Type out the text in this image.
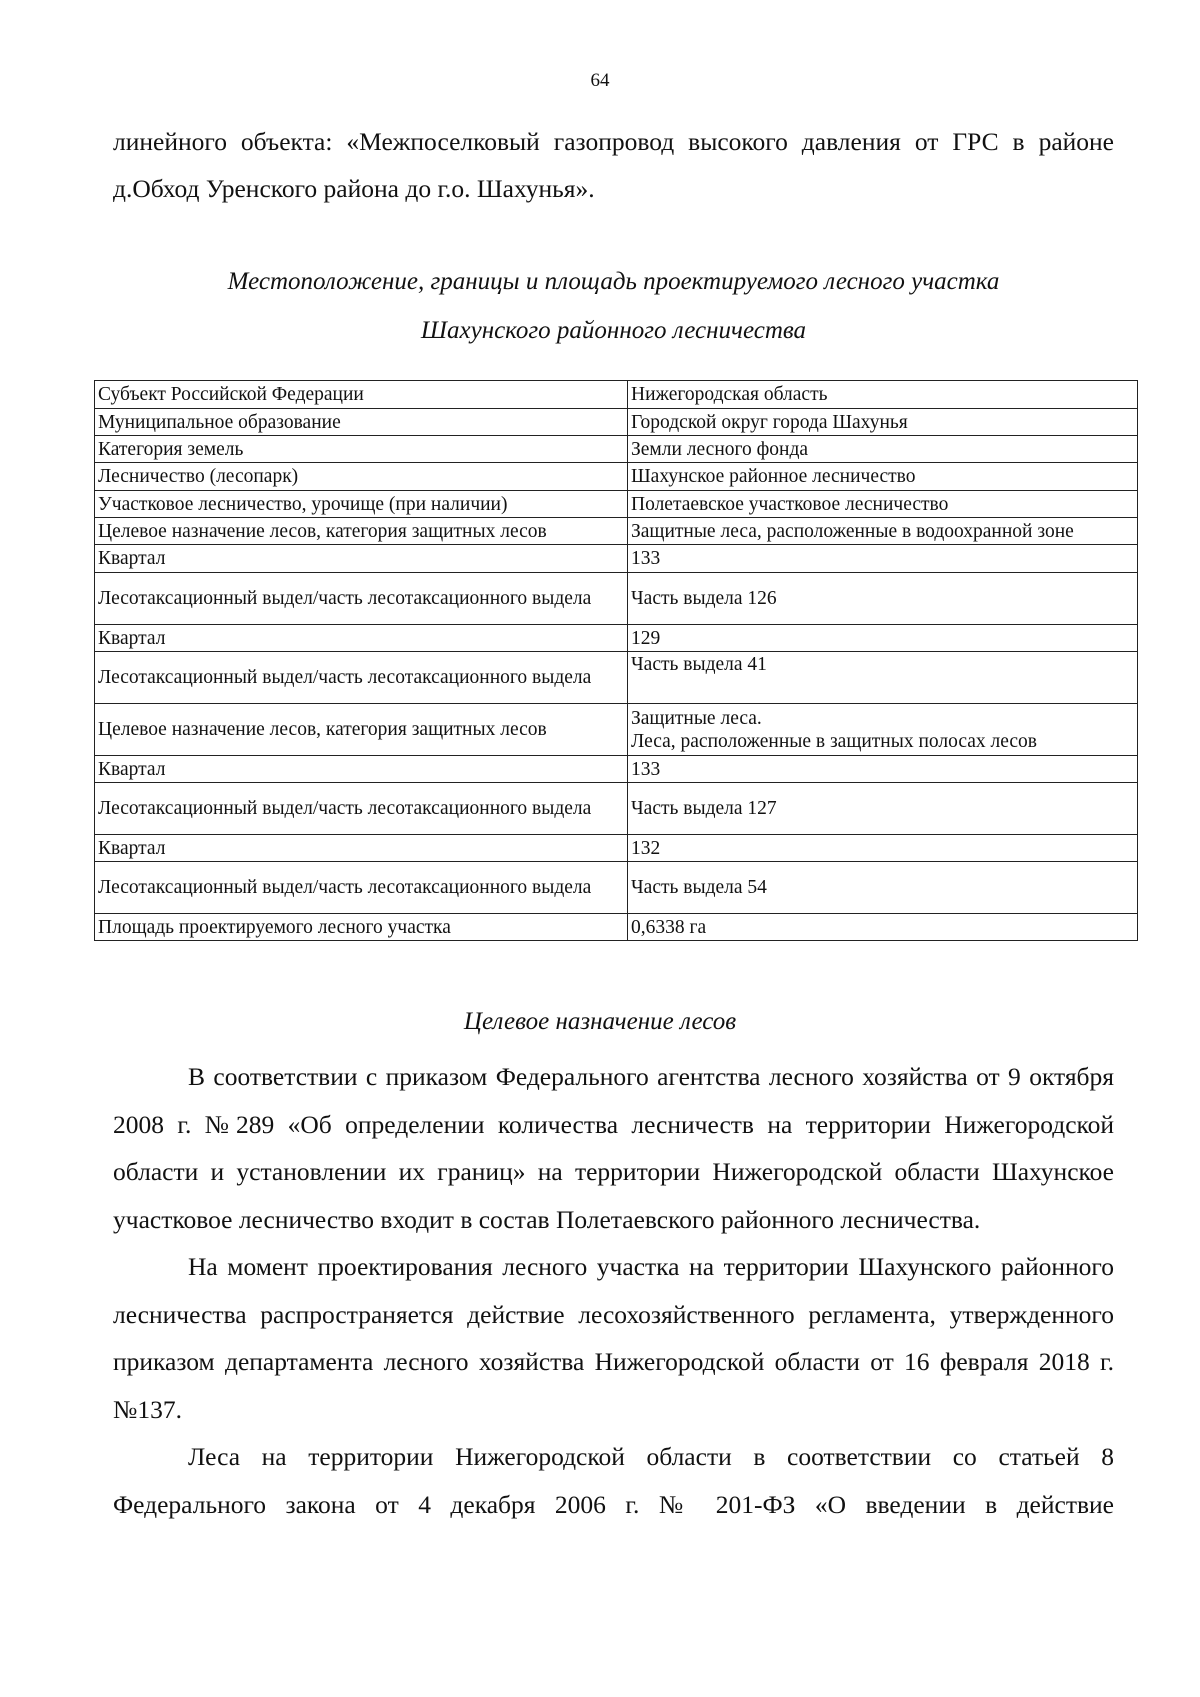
64

линейного объекта: «Межпоселковый газопровод высокого давления от ГРС в районе д.Обход Уренского района до г.о. Шахунья».

Местоположение, границы и площадь проектируемого лесного участка

Шахунского районного лесничества

Субъект Российской Федерации	Нижегородская область
Муниципальное образование	Городской округ города Шахунья
Категория земель	Земли лесного фонда
Лесничество (лесопарк)	Шахунское районное лесничество
Участковое лесничество, урочище (при наличии)	Полетаевское участковое лесничество
Целевое назначение лесов, категория защитных лесов	Защитные леса, расположенные в водоохранной зоне
Квартал	133
Лесотаксационный выдел/часть лесотаксационного выдела	Часть выдела 126
Квартал	129
Лесотаксационный выдел/часть лесотаксационного выдела	Часть выдела 41
Целевое назначение лесов, категория защитных лесов	Защитные леса.
Леса, расположенные в защитных полосах лесов

Квартал	133
Лесотаксационный выдел/часть лесотаксационного выдела	Часть выдела 127
Квартал	132
Лесотаксационный выдел/часть лесотаксационного выдела	Часть выдела 54
Площадь проектируемого лесного участка	0,6338 га

Целевое назначение лесов

В соответствии с приказом Федерального агентства лесного хозяйства от 9 октября 2008 г. №289 «Об определении количества лесничеств на территории Нижегородской области и установлении их границ» на территории Нижегородской области Шахунское участковое лесничество входит в состав Полетаевского районного лесничества.

На момент проектирования лесного участка на территории Шахунского районного лесничества распространяется действие лесохозяйственного регламента, утвержденного приказом департамента лесного хозяйства Нижегородской области от 16 февраля 2018 г. №137.

Леса на территории Нижегородской области в соответствии со статьей 8 Федерального закона от 4 декабря 2006 г. № 201-ФЗ «О введении в действие
